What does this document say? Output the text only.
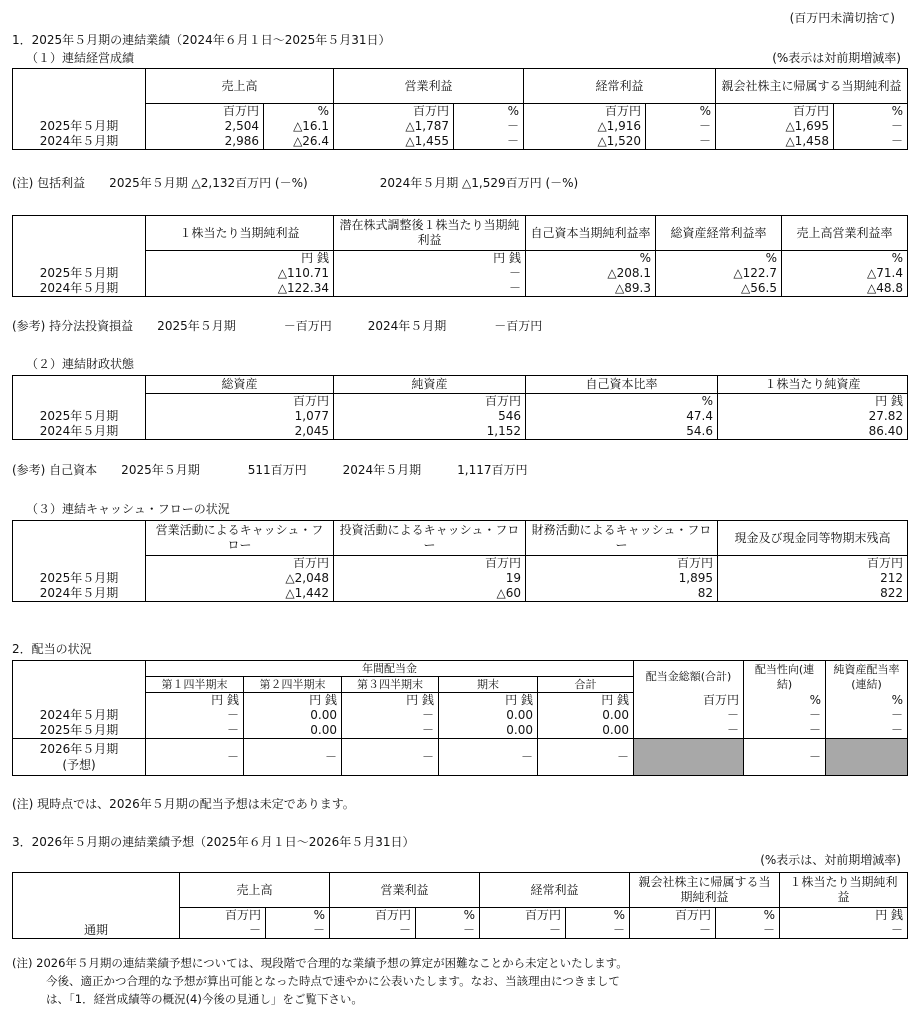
(百万円未満切捨て)
1．2025年５月期の連結業績（2024年６月１日～2025年５月31日）
（１）連結経営成績	(%表示は対前期増減率)
	売上高		営業利益		経常利益		親会社株主に帰属する当期純利益	
	百万円	%	百万円	%	百万円	%	百万円	%
2025年５月期	2,504	△16.1	△1,787	－	△1,916	－	△1,695	－
2024年５月期	2,986	△26.4	△1,455	－	△1,520	－	△1,458	－
(注) 包括利益　　2025年５月期 △2,132百万円 (－%)　　　　　　2024年５月期 △1,529百万円 (－%)
	１株当たり当期純利益	潜在株式調整後１株当たり当期純利益	自己資本当期純利益率	総資産経常利益率	売上高営業利益率
	円 銭	円 銭	%	%	%
2025年５月期	△110.71	－	△208.1	△122.7	△71.4
2024年５月期	△122.34	－	△89.3	△56.5	△48.8
(参考) 持分法投資損益　　2025年５月期　　　　－百万円　　　2024年５月期　　　　－百万円
（２）連結財政状態
	総資産	純資産	自己資本比率	１株当たり純資産
	百万円	百万円	%	円 銭
2025年５月期	1,077	546	47.4	27.82
2024年５月期	2,045	1,152	54.6	86.40
(参考) 自己資本　　2025年５月期　　　　511百万円　　　2024年５月期　　　1,117百万円
（３）連結キャッシュ・フローの状況
	営業活動によるキャッシュ・フロー	投資活動によるキャッシュ・フロー	財務活動によるキャッシュ・フロー	現金及び現金同等物期末残高
	百万円	百万円	百万円	百万円
2025年５月期	△2,048	19	1,895	212
2024年５月期	△1,442	△60	82	822
2．配当の状況
	年間配当金					配当金総額(合計)	配当性向(連結)	純資産配当率(連結)
	第１四半期末	第２四半期末	第３四半期末	期末	合計			
	円 銭	円 銭	円 銭	円 銭	円 銭	百万円	%	%
2024年５月期	－	0.00	－	0.00	0.00	－	－	－
2025年５月期	－	0.00	－	0.00	0.00	－	－	－
2026年５月期
(予想)	－	－	－	－	－		－	
(注) 現時点では、2026年５月期の配当予想は未定であります。
3．2026年５月期の連結業績予想（2025年６月１日～2026年５月31日）
(%表示は、対前期増減率)
	売上高		営業利益		経常利益		親会社株主に帰属する当期純利益		１株当たり当期純利益
	百万円	%	百万円	%	百万円	%	百万円	%	円 銭
通期	－	－	－	－	－	－	－	－	－
(注) 2026年５月期の連結業績予想については、現段階で合理的な業績予想の算定が困難なことから未定といたします。
今後、適正かつ合理的な予想が算出可能となった時点で速やかに公表いたします。なお、当該理由につきまして
は、「1．経営成績等の概況(4)今後の見通し」をご覧下さい。
